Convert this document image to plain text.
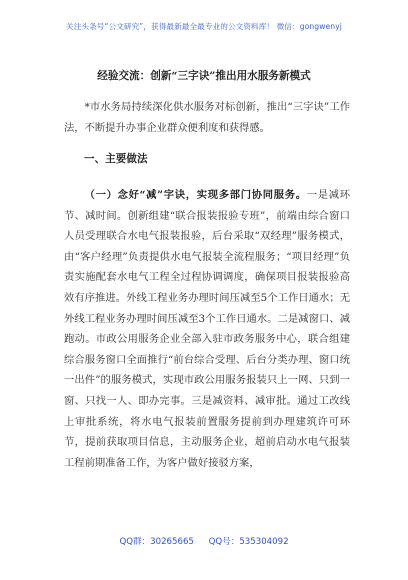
关注头条号“公文研究”，获得最新最全最专业的公文资料库！ 微信：gongwenyj
经验交流：创新“三字诀”推出用水服务新模式
*市水务局持续深化供水服务对标创新，推出“三字诀”工作法，不断提升办事企业群众便利度和获得感。
一、主要做法
（一）念好“减”字诀，实现多部门协同服务。一是减环节、减时间。创新组建“联合报装报验专班”，前端由综合窗口人员受理联合水电气报装报验，后台采取“双经理”服务模式，由“客户经理”负责提供水电气报装全流程服务；“项目经理”负责实施配套水电气工程全过程协调调度，确保项目报装报验高效有序推进。外线工程业务办理时间压减至5个工作日通水；无外线工程业务办理时间压减至3个工作日通水。二是减窗口、减跑动。市政公用服务企业全部入驻市政务服务中心，联合组建综合服务窗口全面推行“前台综合受理、后台分类办理、窗口统一出件”的服务模式，实现市政公用服务报装只上一网、只到一窗、只找一人、即办完事。三是减资料、减审批。通过工改线上审批系统，将水电气报装前置服务提前到办理建筑许可环节，提前获取项目信息，主动服务企业，超前启动水电气报装工程前期准备工作，为客户做好接驳方案，
QQ群：30265665 QQ号：535304092
